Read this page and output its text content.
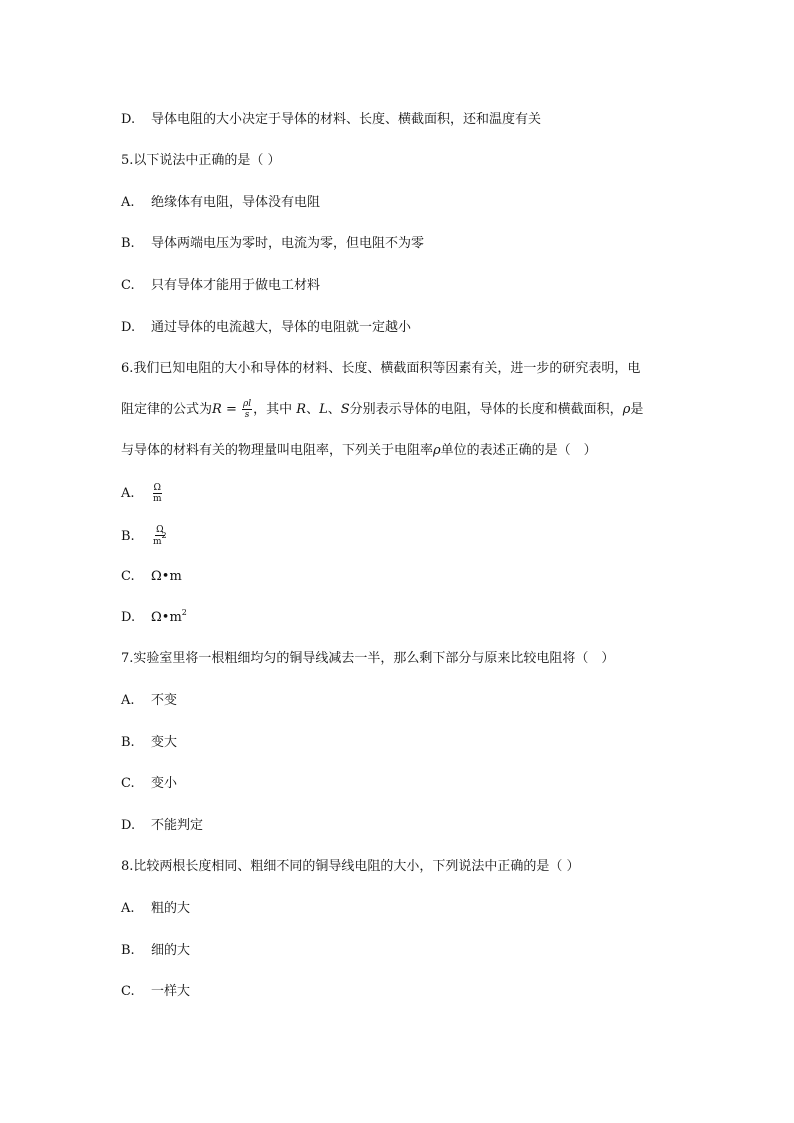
D. 导体电阻的大小决定于导体的材料、长度、横截面积，还和温度有关
5.以下说法中正确的是（ ）
A. 绝缘体有电阻，导体没有电阻
B. 导体两端电压为零时，电流为零，但电阻不为零
C. 只有导体才能用于做电工材料
D. 通过导体的电流越大，导体的电阻就一定越小
6.我们已知电阻的大小和导体的材料、长度、横截面积等因素有关，进一步的研究表明，电
阻定律的公式为$R = \frac{\rho l}{s}$ ，其中 R、L、S分别表示导体的电阻，导体的长度和横截面积，ρ是
与导体的材料有关的物理量叫电阻率，下列关于电阻率ρ单位的表述正确的是（　）
A. $\frac{\Omega}{m}$
B. $\frac{\Omega}{m^2}$
C. Ω•m
D. $\Omega•m^2$
7.实验室里将一根粗细均匀的铜导线减去一半，那么剩下部分与原来比较电阻将（　）
A. 不变
B. 变大
C. 变小
D. 不能判定
8.比较两根长度相同、粗细不同的铜导线电阻的大小，下列说法中正确的是（ ）
A. 粗的大
B. 细的大
C. 一样大
